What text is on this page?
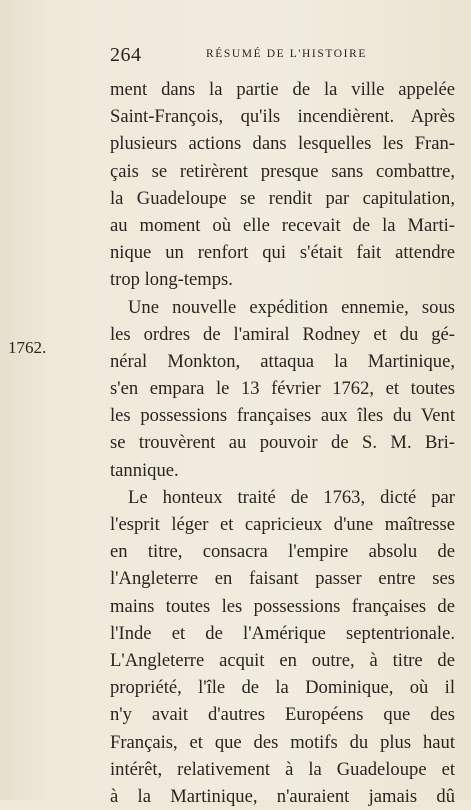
264	RÉSUMÉ DE L'HISTOIRE
1762.
ment dans la partie de la ville appelée
Saint-François, qu'ils incendièrent. Après
plusieurs actions dans lesquelles les Fran-
çais se retirèrent presque sans combattre,
la Guadeloupe se rendit par capitulation,
au moment où elle recevait de la Marti-
nique un renfort qui s'était fait attendre
trop long-temps.
Une nouvelle expédition ennemie, sous
les ordres de l'amiral Rodney et du gé-
néral Monkton, attaqua la Martinique,
s'en empara le 13 février 1762, et toutes
les possessions françaises aux îles du Vent
se trouvèrent au pouvoir de S. M. Bri-
tannique.
Le honteux traité de 1763, dicté par
l'esprit léger et capricieux d'une maîtresse
en titre, consacra l'empire absolu de
l'Angleterre en faisant passer entre ses
mains toutes les possessions françaises de
l'Inde et de l'Amérique septentrionale.
L'Angleterre acquit en outre, à titre de
propriété, l'île de la Dominique, où il
n'y avait d'autres Européens que des
Français, et que des motifs du plus haut
intérêt, relativement à la Guadeloupe et
à la Martinique, n'auraient jamais dû
